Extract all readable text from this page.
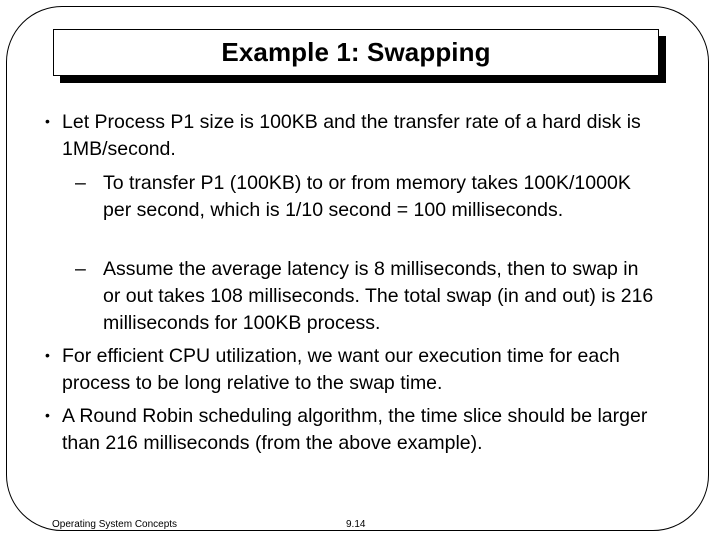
Example 1: Swapping
• Let Process P1 size is 100KB and the transfer rate of a hard disk is 1MB/second.
– To transfer P1 (100KB) to or from memory takes 100K/1000K per second, which is 1/10 second = 100 milliseconds.
– Assume the average latency is 8 milliseconds, then to swap in or out takes 108 milliseconds. The total swap (in and out) is 216 milliseconds for 100KB process.
• For efficient CPU utilization, we want our execution time for each process to be long relative to the swap time.
• A Round Robin scheduling algorithm, the time slice should be larger than 216 milliseconds (from the above example).
Operating System Concepts	9.14
